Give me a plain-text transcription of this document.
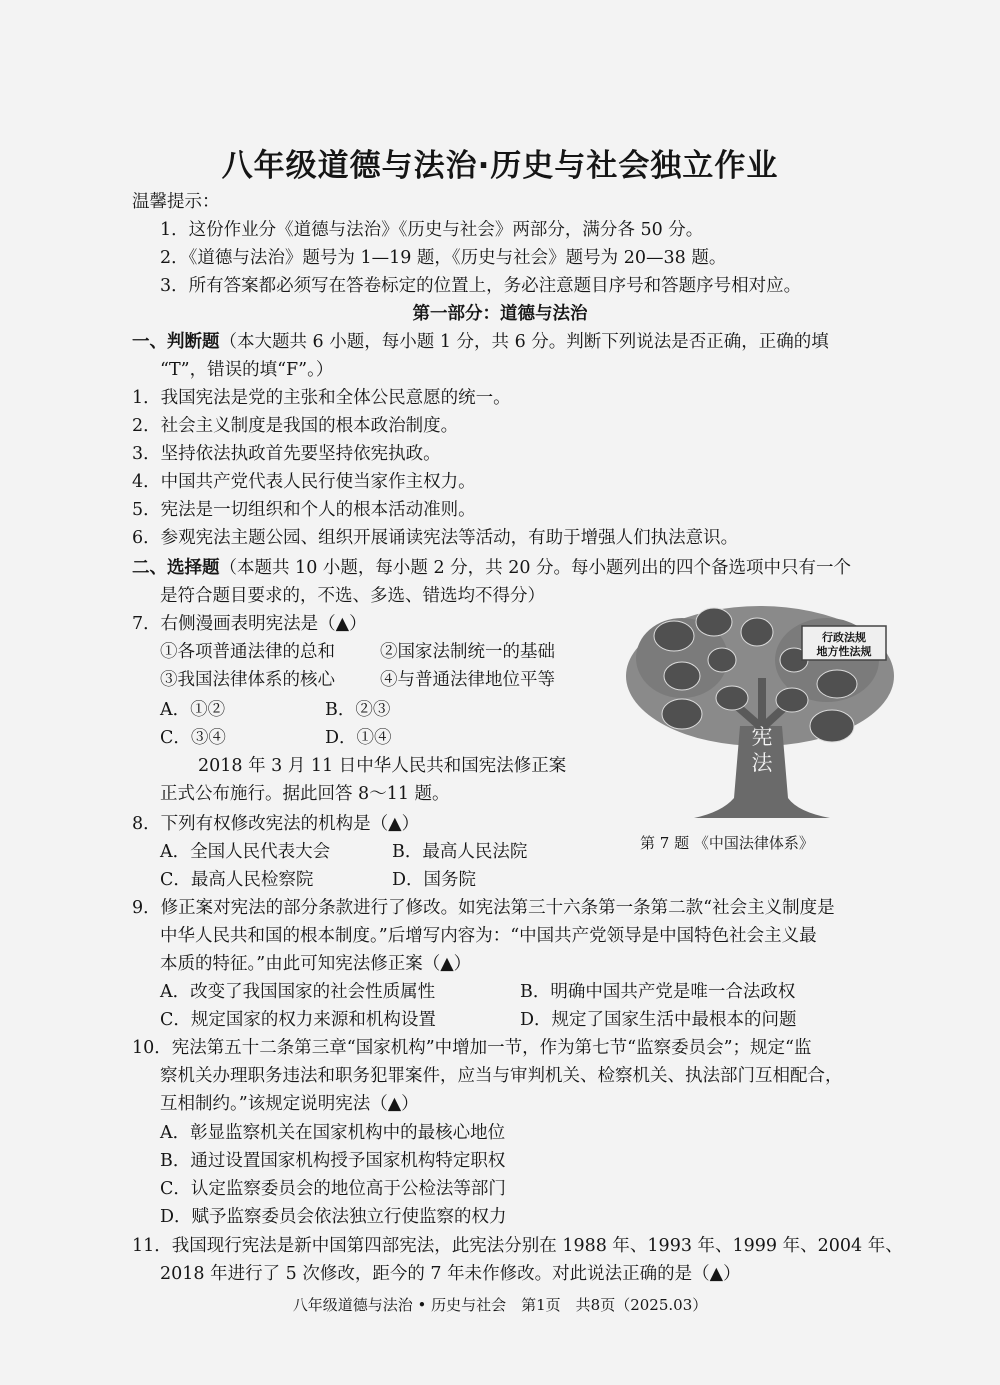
八年级道德与法治·历史与社会独立作业
温馨提示：
1．这份作业分《道德与法治》《历史与社会》两部分，满分各 50 分。
2．《道德与法治》题号为 1—19 题，《历史与社会》题号为 20—38 题。
3．所有答案都必须写在答卷标定的位置上，务必注意题目序号和答题序号相对应。
第一部分：道德与法治
一、判断题（本大题共 6 小题，每小题 1 分，共 6 分。判断下列说法是否正确，正确的填
“T”，错误的填“F”。）
1．我国宪法是党的主张和全体公民意愿的统一。
2．社会主义制度是我国的根本政治制度。
3．坚持依法执政首先要坚持依宪执政。
4．中国共产党代表人民行使当家作主权力。
5．宪法是一切组织和个人的根本活动准则。
6．参观宪法主题公园、组织开展诵读宪法等活动，有助于增强人们执法意识。
二、选择题（本题共 10 小题，每小题 2 分，共 20 分。每小题列出的四个备选项中只有一个
是符合题目要求的，不选、多选、错选均不得分）
7．右侧漫画表明宪法是（▲）
①各项普通法律的总和	②国家法制统一的基础
③我国法律体系的核心	④与普通法律地位平等
A．①②	B．②③
C．③④	D．①④
2018 年 3 月 11 日中华人民共和国宪法修正案
正式公布施行。据此回答 8～11 题。
行政法规
地方性法规
宪
法
第 7 题 《中国法律体系》
8．下列有权修改宪法的机构是（▲）
A．全国人民代表大会	B．最高人民法院
C．最高人民检察院	D．国务院
9．修正案对宪法的部分条款进行了修改。如宪法第三十六条第一条第二款“社会主义制度是
中华人民共和国的根本制度。”后增写内容为：“中国共产党领导是中国特色社会主义最
本质的特征。”由此可知宪法修正案（▲）
A．改变了我国国家的社会性质属性	B．明确中国共产党是唯一合法政权
C．规定国家的权力来源和机构设置	D．规定了国家生活中最根本的问题
10．宪法第五十二条第三章“国家机构”中增加一节，作为第七节“监察委员会”；规定“监
察机关办理职务违法和职务犯罪案件，应当与审判机关、检察机关、执法部门互相配合，
互相制约。”该规定说明宪法（▲）
A．彰显监察机关在国家机构中的最核心地位
B．通过设置国家机构授予国家机构特定职权
C．认定监察委员会的地位高于公检法等部门
D．赋予监察委员会依法独立行使监察的权力
11．我国现行宪法是新中国第四部宪法，此宪法分别在 1988 年、1993 年、1999 年、2004 年、
2018 年进行了 5 次修改，距今的 7 年未作修改。对此说法正确的是（▲）
八年级道德与法治 • 历史与社会　第1页　共8页（2025.03）
